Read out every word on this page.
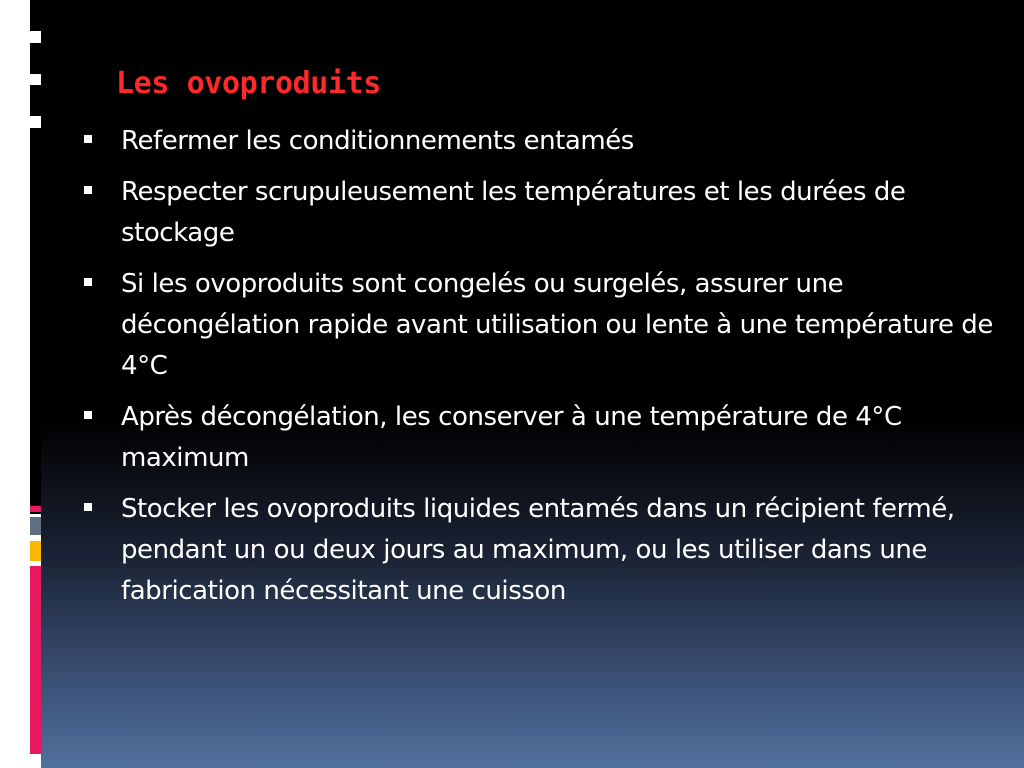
Les ovoproduits
Refermer les conditionnements entamés
Respecter scrupuleusement les températures et les durées de stockage
Si les ovoproduits sont congelés ou surgelés, assurer une décongélation rapide avant utilisation ou lente à une température de 4°C
Après décongélation, les conserver à une température de 4°C maximum
Stocker les ovoproduits liquides entamés dans un récipient fermé, pendant un ou deux jours au maximum, ou les utiliser dans une fabrication nécessitant une cuisson
